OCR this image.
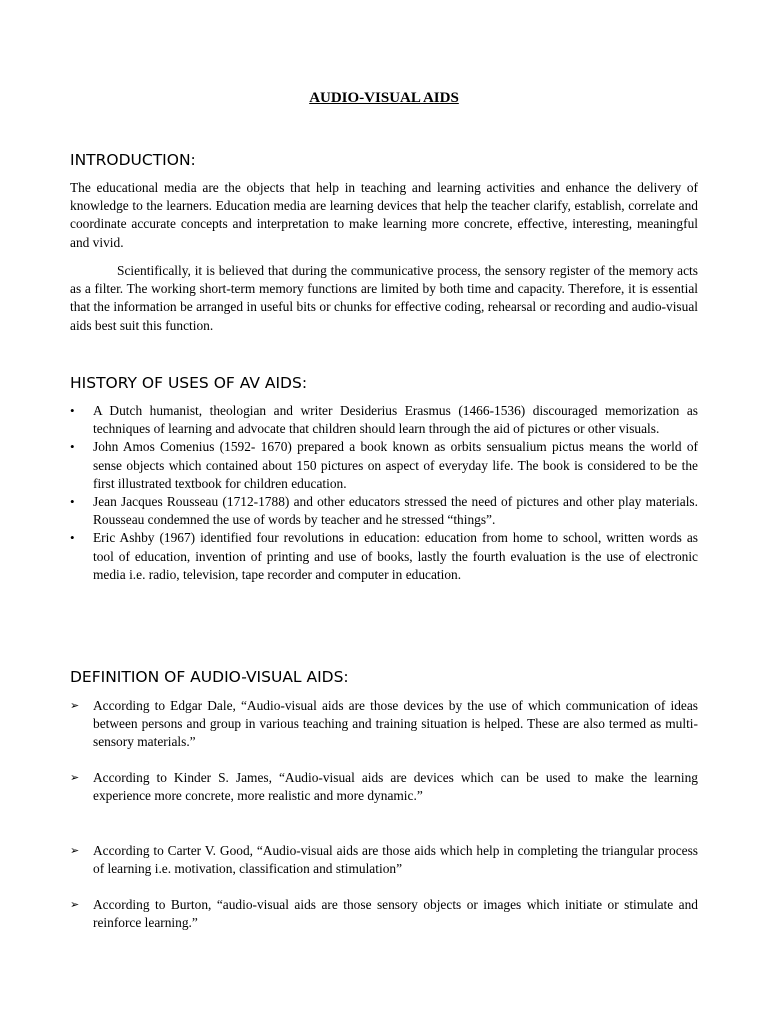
AUDIO-VISUAL AIDS
INTRODUCTION:

The educational media are the objects that help in teaching and learning activities and enhance the delivery of knowledge to the learners. Education media are learning devices that help the teacher clarify, establish, correlate and coordinate accurate concepts and interpretation to make learning more concrete, effective, interesting, meaningful and vivid.

Scientifically, it is believed that during the communicative process, the sensory register of the memory acts as a filter. The working short-term memory functions are limited by both time and capacity. Therefore, it is essential that the information be arranged in useful bits or chunks for effective coding, rehearsal or recording and audio-visual aids best suit this function.

HISTORY OF USES OF AV AIDS:
• A Dutch humanist, theologian and writer Desiderius Erasmus (1466-1536) discouraged memorization as techniques of learning and advocate that children should learn through the aid of pictures or other visuals.
• John Amos Comenius (1592- 1670) prepared a book known as orbits sensualium pictus means the world of sense objects which contained about 150 pictures on aspect of everyday life. The book is considered to be the first illustrated textbook for children education.
• Jean Jacques Rousseau (1712-1788) and other educators stressed the need of pictures and other play materials. Rousseau condemned the use of words by teacher and he stressed “things”.
• Eric Ashby (1967) identified four revolutions in education: education from home to school, written words as tool of education, invention of printing and use of books, lastly the fourth evaluation is the use of electronic media i.e. radio, television, tape recorder and computer in education.
DEFINITION OF AUDIO-VISUAL AIDS:
➢ According to Edgar Dale, “Audio-visual aids are those devices by the use of which communication of ideas between persons and group in various teaching and training situation is helped. These are also termed as multi-sensory materials.”
➢ According to Kinder S. James, “Audio-visual aids are devices which can be used to make the learning experience more concrete, more realistic and more dynamic.”
➢ According to Carter V. Good, “Audio-visual aids are those aids which help in completing the triangular process of learning i.e. motivation, classification and stimulation”
➢ According to Burton, “audio-visual aids are those sensory objects or images which initiate or stimulate and reinforce learning.”
